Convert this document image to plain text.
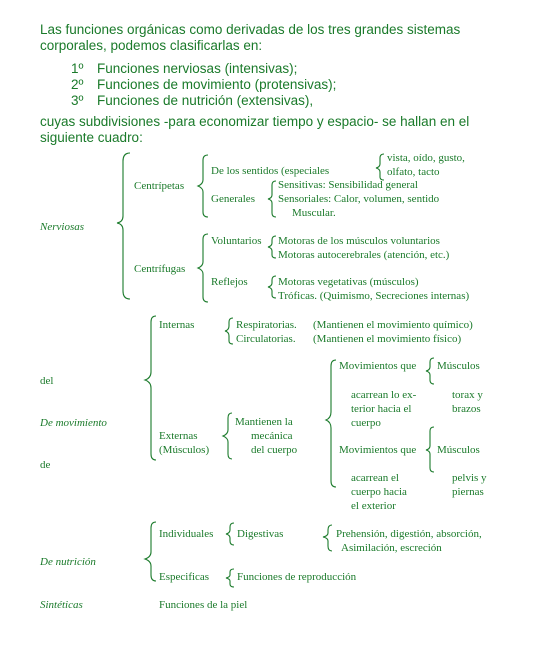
Las funciones orgánicas como derivadas de los tres grandes sistemas
corporales, podemos clasificarlas en:
1º Funciones nerviosas (intensivas);
2º Funciones de movimiento (protensivas);
3º Funciones de nutrición (extensivas),
cuyas subdivisiones -para economizar tiempo y espacio- se hallan en el
siguiente cuadro:
Nerviosas
Centrípetas
De los sentidos (especiales
vista, oído, gusto,
olfato, tacto
Generales
Sensitivas: Sensibilidad general
Sensoriales: Calor, volumen, sentido
Muscular.
Centrífugas
Voluntarios Motoras de los músculos voluntarios
Motoras autocerebrales (atención, etc.)
Reflejos	Motoras vegetativas (músculos)
Tróficas. (Quimismo, Secreciones internas)
del
De movimiento
de
Internas	Respiratorias. (Mantienen el movimiento químico)
Circulatorias. (Mantienen el movimiento físico)
Externas
(Músculos)
Mantienen la
mecánica
del cuerpo
Movimientos que
acarrean lo ex-
terior hacia el
cuerpo
Músculos
torax y
brazos
Movimientos que
acarrean el
cuerpo hacia
el exterior
Músculos
pelvis y
piernas
De nutrición
Individuales Digestivas	Prehensión, digestión, absorción,
Asimilación, escreción
Especificas	Funciones de reproducción
Sintéticas	Funciones de la piel
